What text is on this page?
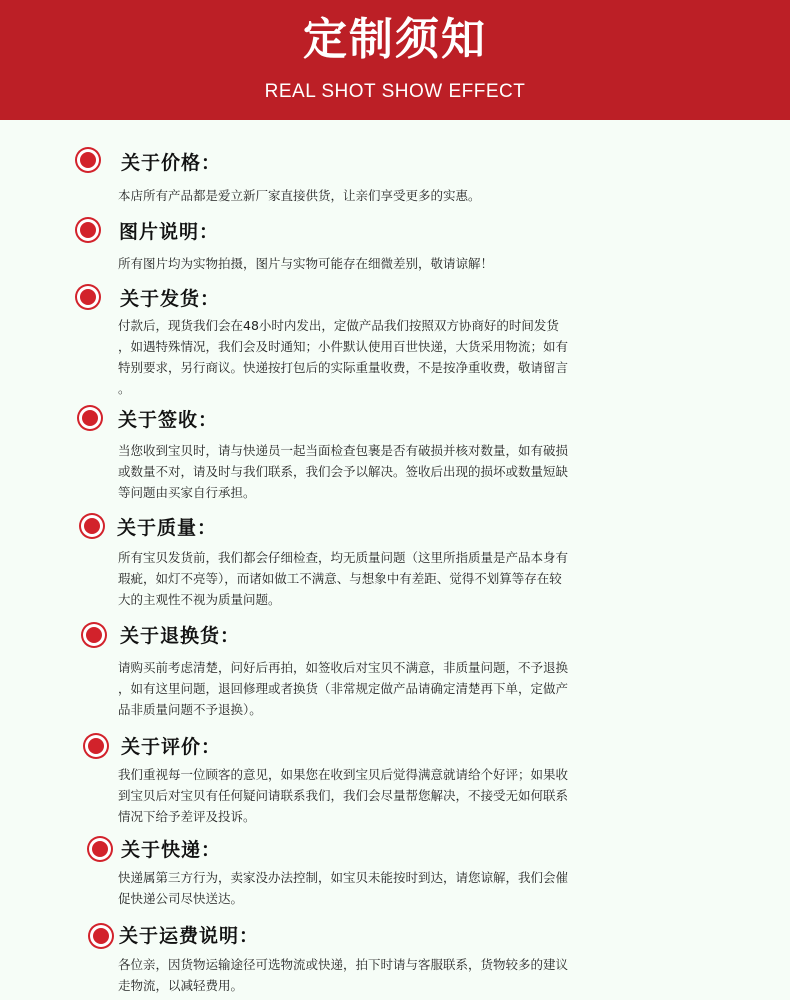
定制须知
REAL SHOT SHOW EFFECT
关于价格：

本店所有产品都是爱立新厂家直接供货，让亲们享受更多的实惠。

图片说明：

所有图片均为实物拍摄，图片与实物可能存在细微差别，敬请谅解！

关于发货：

付款后，现货我们会在48小时内发出，定做产品我们按照双方协商好的时间发货

，如遇特殊情况，我们会及时通知；小件默认使用百世快递，大货采用物流；如有

特别要求，另行商议。快递按打包后的实际重量收费，不是按净重收费，敬请留言

。

关于签收：

当您收到宝贝时，请与快递员一起当面检查包裹是否有破损并核对数量，如有破损

或数量不对，请及时与我们联系，我们会予以解决。签收后出现的损坏或数量短缺

等问题由买家自行承担。

关于质量：

所有宝贝发货前，我们都会仔细检查，均无质量问题（这里所指质量是产品本身有

瑕疵，如灯不亮等），而诸如做工不满意、与想象中有差距、觉得不划算等存在较

大的主观性不视为质量问题。

关于退换货：

请购买前考虑清楚，问好后再拍，如签收后对宝贝不满意，非质量问题，不予退换

，如有这里问题，退回修理或者换货（非常规定做产品请确定清楚再下单，定做产

品非质量问题不予退换）。

关于评价：

我们重视每一位顾客的意见，如果您在收到宝贝后觉得满意就请给个好评；如果收

到宝贝后对宝贝有任何疑问请联系我们，我们会尽量帮您解决，不接受无如何联系

情况下给予差评及投诉。

关于快递：

快递属第三方行为，卖家没办法控制，如宝贝未能按时到达，请您谅解，我们会催

促快递公司尽快送达。

关于运费说明：

各位亲，因货物运输途径可选物流或快递，拍下时请与客服联系，货物较多的建议

走物流，以减轻费用。
